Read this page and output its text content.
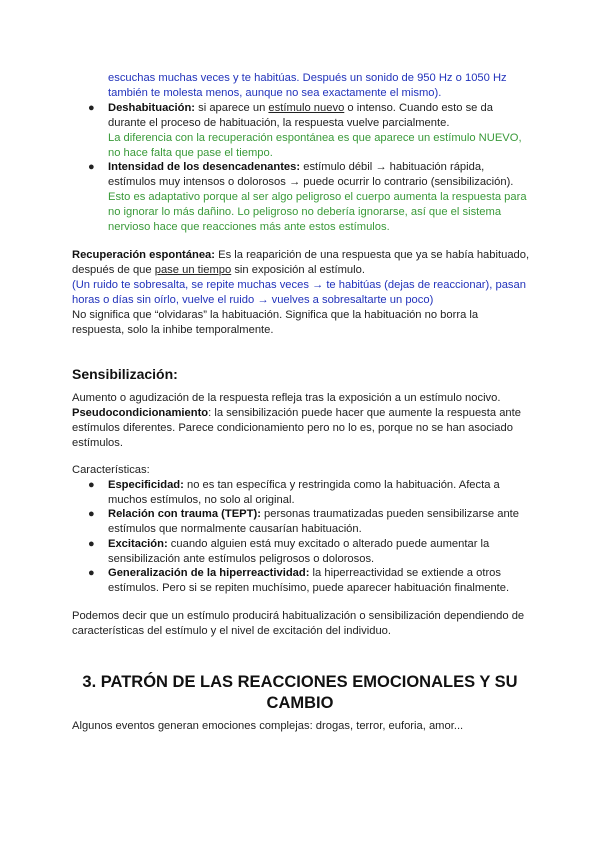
escuchas muchas veces y te habitúas. Después un sonido de 950 Hz o 1050 Hz
también te molesta menos, aunque no sea exactamente el mismo).
● Deshabituación: si aparece un estímulo nuevo o intenso. Cuando esto se da
durante el proceso de habituación, la respuesta vuelve parcialmente.
La diferencia con la recuperación espontánea es que aparece un estímulo NUEVO,
no hace falta que pase el tiempo.
● Intensidad de los desencadenantes: estímulo débil → habituación rápida,
estímulos muy intensos o dolorosos → puede ocurrir lo contrario (sensibilización).
Esto es adaptativo porque al ser algo peligroso el cuerpo aumenta la respuesta para
no ignorar lo más dañino. Lo peligroso no debería ignorarse, así que el sistema
nervioso hace que reacciones más ante estos estímulos.
Recuperación espontánea: Es la reaparición de una respuesta que ya se había habituado,
después de que pase un tiempo sin exposición al estímulo.
(Un ruido te sobresalta, se repite muchas veces → te habitúas (dejas de reaccionar), pasan
horas o días sin oírlo, vuelve el ruido → vuelves a sobresaltarte un poco)
No significa que “olvidaras” la habituación. Significa que la habituación no borra la
respuesta, solo la inhibe temporalmente.
Sensibilización:
Aumento o agudización de la respuesta refleja tras la exposición a un estímulo nocivo.
Pseudocondicionamiento: la sensibilización puede hacer que aumente la respuesta ante
estímulos diferentes. Parece condicionamiento pero no lo es, porque no se han asociado
estímulos.
Características:
● Especificidad: no es tan específica y restringida como la habituación. Afecta a
muchos estímulos, no solo al original.
● Relación con trauma (TEPT): personas traumatizadas pueden sensibilizarse ante
estímulos que normalmente causarían habituación.
● Excitación: cuando alguien está muy excitado o alterado puede aumentar la
sensibilización ante estímulos peligrosos o dolorosos.
● Generalización de la hiperreactividad: la hiperreactividad se extiende a otros
estímulos. Pero si se repiten muchísimo, puede aparecer habituación finalmente.
Podemos decir que un estímulo producirá habitualización o sensibilización dependiendo de
características del estímulo y el nivel de excitación del individuo.
3. PATRÓN DE LAS REACCIONES EMOCIONALES Y SU
CAMBIO
Algunos eventos generan emociones complejas: drogas, terror, euforia, amor...
